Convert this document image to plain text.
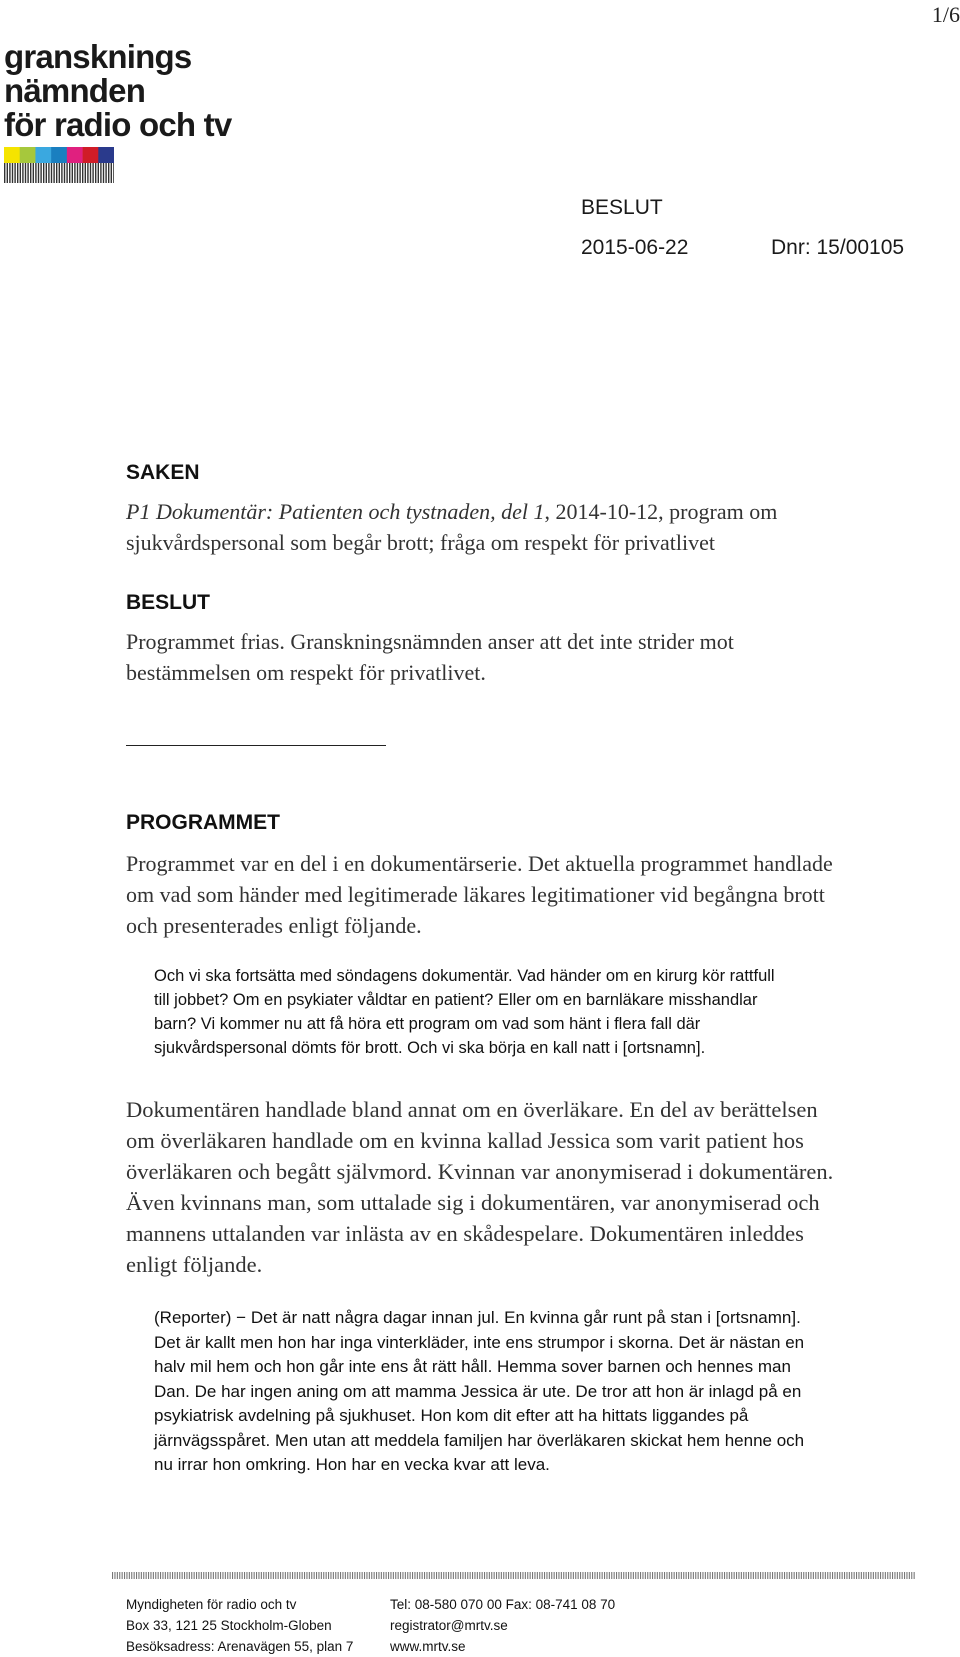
1/6
gransknings
nämnden
för radio och tv
BESLUT
2015-06-22	Dnr: 15/00105
SAKEN
P1 Dokumentär: Patienten och tystnaden, del 1, 2014-10-12, program om
sjukvårdspersonal som begår brott; fråga om respekt för privatlivet
BESLUT
Programmet frias. Granskningsnämnden anser att det inte strider mot
bestämmelsen om respekt för privatlivet.
PROGRAMMET
Programmet var en del i en dokumentärserie. Det aktuella programmet handlade
om vad som händer med legitimerade läkares legitimationer vid begångna brott
och presenterades enligt följande.
Och vi ska fortsätta med söndagens dokumentär. Vad händer om en kirurg kör rattfull
till jobbet? Om en psykiater våldtar en patient? Eller om en barnläkare misshandlar
barn? Vi kommer nu att få höra ett program om vad som hänt i flera fall där
sjukvårdspersonal dömts för brott. Och vi ska börja en kall natt i [ortsnamn].
Dokumentären handlade bland annat om en överläkare. En del av berättelsen
om överläkaren handlade om en kvinna kallad Jessica som varit patient hos
överläkaren och begått självmord. Kvinnan var anonymiserad i dokumentären.
Även kvinnans man, som uttalade sig i dokumentären, var anonymiserad och
mannens uttalanden var inlästa av en skådespelare. Dokumentären inleddes
enligt följande.
(Reporter) − Det är natt några dagar innan jul. En kvinna går runt på stan i [ortsnamn].
Det är kallt men hon har inga vinterkläder, inte ens strumpor i skorna. Det är nästan en
halv mil hem och hon går inte ens åt rätt håll. Hemma sover barnen och hennes man
Dan. De har ingen aning om att mamma Jessica är ute. De tror att hon är inlagd på en
psykiatrisk avdelning på sjukhuset. Hon kom dit efter att ha hittats liggandes på
järnvägsspåret. Men utan att meddela familjen har överläkaren skickat hem henne och
nu irrar hon omkring. Hon har en vecka kvar att leva.
Myndigheten för radio och tv
Box 33, 121 25 Stockholm-Globen
Besöksadress: Arenavägen 55, plan 7
Tel: 08-580 070 00 Fax: 08-741 08 70
registrator@mrtv.se
www.mrtv.se
